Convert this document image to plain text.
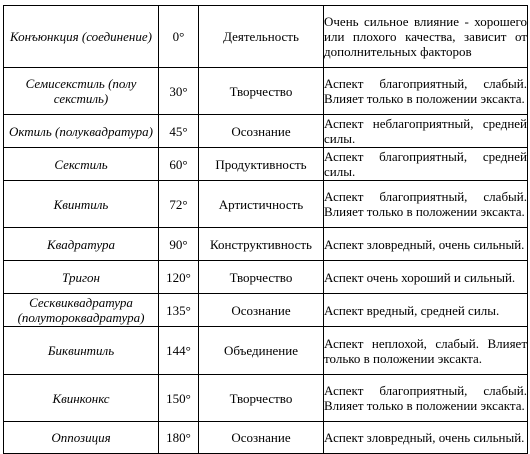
Конъюнкция (соединение)	0°	Деятельность	Очень сильное влияние - хорошего или плохого качества, зависит от дополнительных факторов
Семисекстиль (полу секстиль)	30°	Творчество	Аспект благоприятный, слабый. Влияет только в положении эксакта.
Октиль (полуквадратура)	45°	Осознание	Аспект неблагоприятный, средней силы.
Секстиль	60°	Продуктивность	Аспект благоприятный, средней силы.
Квинтиль	72°	Артистичность	Аспект благоприятный, слабый. Влияет только в положении эксакта.
Квадратура	90°	Конструктивность	Аспект зловредный, очень сильный.
Тригон	120°	Творчество	Аспект очень хороший и сильный.
Сесквиквадратура (полутороквадратура)	135°	Осознание	Аспект вредный, средней силы.
Биквинтиль	144°	Объединение	Аспект неплохой, слабый. Влияет только в положении эксакта.
Квинконкс	150°	Творчество	Аспект благоприятный, слабый. Влияет только в положении эксакта.
Оппозиция	180°	Осознание	Аспект зловредный, очень сильный.
